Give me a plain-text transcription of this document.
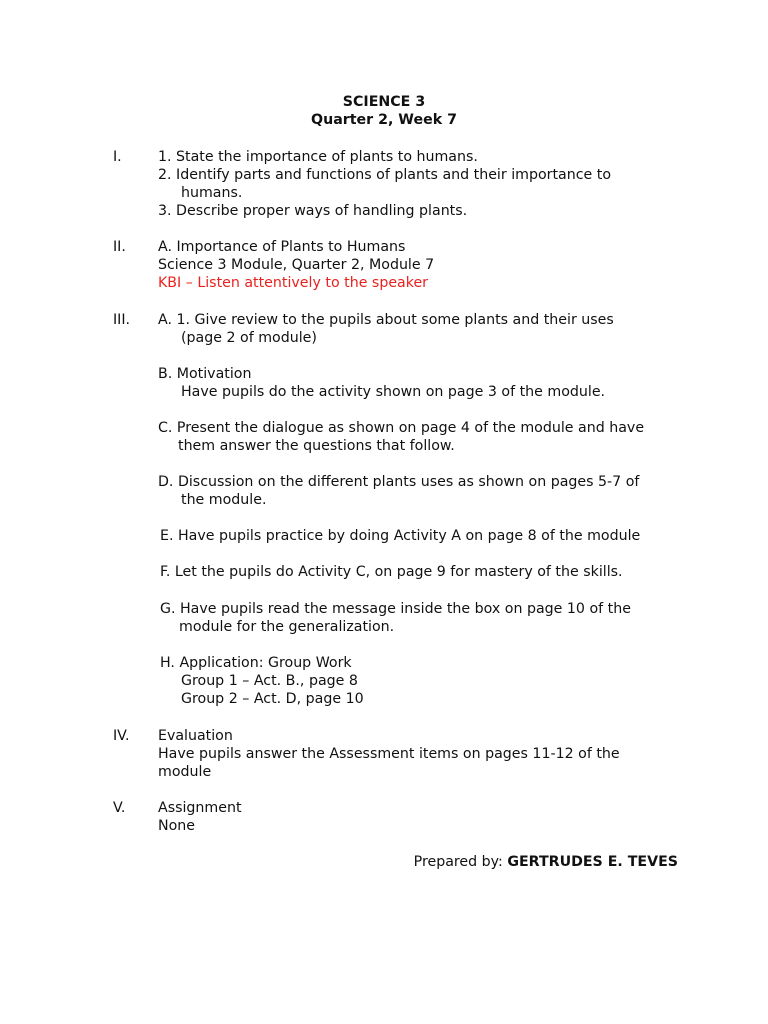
SCIENCE 3
Quarter 2, Week 7
I.	1. State the importance of plants to humans.
2. Identify parts and functions of plants and their importance to
humans.
3. Describe proper ways of handling plants.
II. A. Importance of Plants to Humans
Science 3 Module, Quarter 2, Module 7
KBI – Listen attentively to the speaker
III. A. 1. Give review to the pupils about some plants and their uses
(page 2 of module)
B. Motivation
Have pupils do the activity shown on page 3 of the module.
C. Present the dialogue as shown on page 4 of the module and have
them answer the questions that follow.
D. Discussion on the different plants uses as shown on pages 5-7 of
the module.
E. Have pupils practice by doing Activity A on page 8 of the module
F. Let the pupils do Activity C, on page 9 for mastery of the skills.
G. Have pupils read the message inside the box on page 10 of the
module for the generalization.
H. Application: Group Work
Group 1 – Act. B., page 8
Group 2 – Act. D, page 10
IV. Evaluation
Have pupils answer the Assessment items on pages 11-12 of the
module
V. Assignment
None
Prepared by: GERTRUDES E. TEVES
